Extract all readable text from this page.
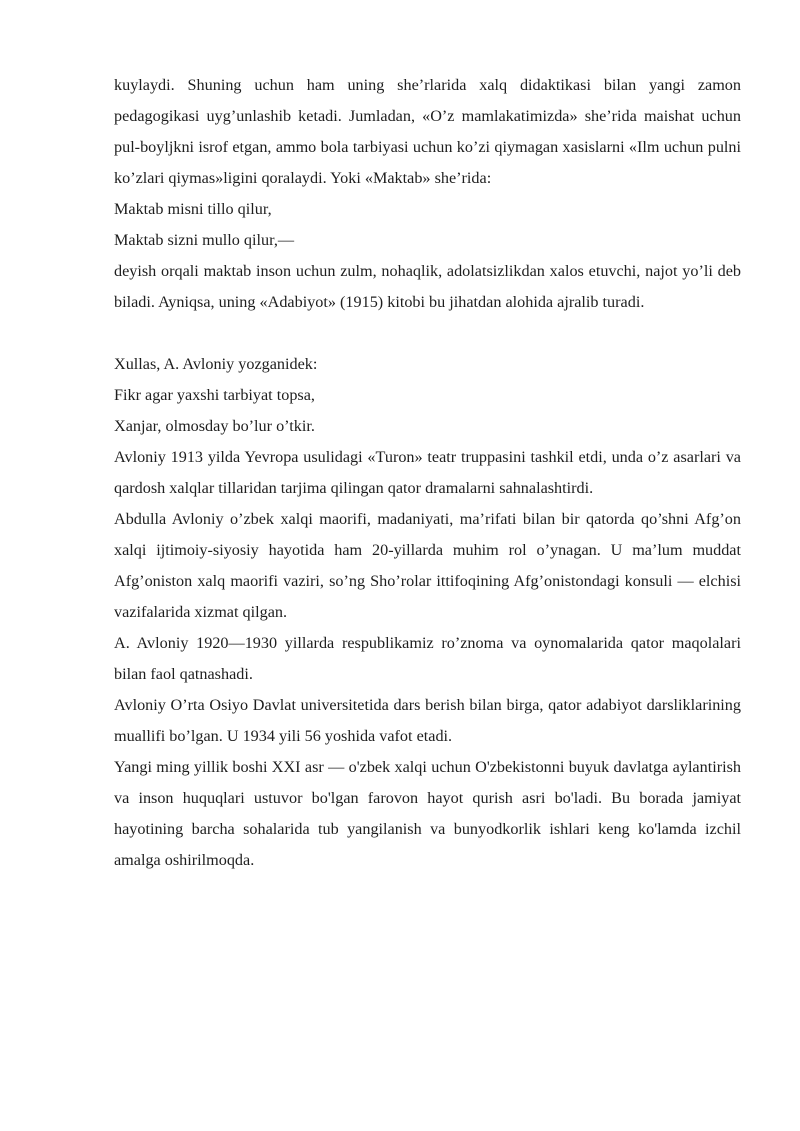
kuylaydi. Shuning uchun ham uning she’rlarida xalq didaktikasi bilan yangi zamon pedagogikasi uyg’unlashib ketadi. Jumladan, «O’z mamlakatimizda» she’rida maishat uchun pul-boyljkni isrof etgan, ammo bola tarbiyasi uchun ko’zi qiymagan xasislarni «Ilm uchun pulni ko’zlari qiymas»ligini qoralaydi. Yoki «Maktab» she’rida:

Maktab misni tillo qilur,

Maktab sizni mullo qilur,—

deyish orqali maktab inson uchun zulm, nohaqlik, adolatsizlikdan xalos etuvchi, najot yo’li deb biladi. Ayniqsa, uning «Adabiyot» (1915) kitobi bu jihatdan alohida ajralib turadi.

Xullas, A. Avloniy yozganidek:

Fikr agar yaxshi tarbiyat topsa,

Xanjar, olmosday bo’lur o’tkir.

Avloniy 1913 yilda Yevropa usulidagi «Turon» teatr truppasini tashkil etdi, unda o’z asarlari va qardosh xalqlar tillaridan tarjima qilingan qator dramalarni sahnalashtirdi.

Abdulla Avloniy o’zbek xalqi maorifi, madaniyati, ma’rifati bilan bir qatorda qo’shni Afg’on xalqi ijtimoiy-siyosiy hayotida ham 20-yillarda muhim rol o’ynagan. U ma’lum muddat Afg’oniston xalq maorifi vaziri, so’ng Sho’rolar ittifoqining Afg’onistondagi konsuli — elchisi vazifalarida xizmat qilgan.

A. Avloniy 1920—1930 yillarda respublikamiz ro’znoma va oynomalarida qator maqolalari bilan faol qatnashadi.

Avloniy O’rta Osiyo Davlat universitetida dars berish bilan birga, qator adabiyot darsliklarining muallifi bo’lgan. U 1934 yili 56 yoshida vafot etadi.

Yangi ming yillik boshi XXI asr — o'zbek xalqi uchun O'zbekistonni buyuk davlatga aylantirish va inson huquqlari ustuvor bo'lgan farovon hayot qurish asri bo'ladi. Bu borada jamiyat hayotining barcha sohalarida tub yangilanish va bunyodkorlik ishlari keng ko'lamda izchil amalga oshirilmoqda.
